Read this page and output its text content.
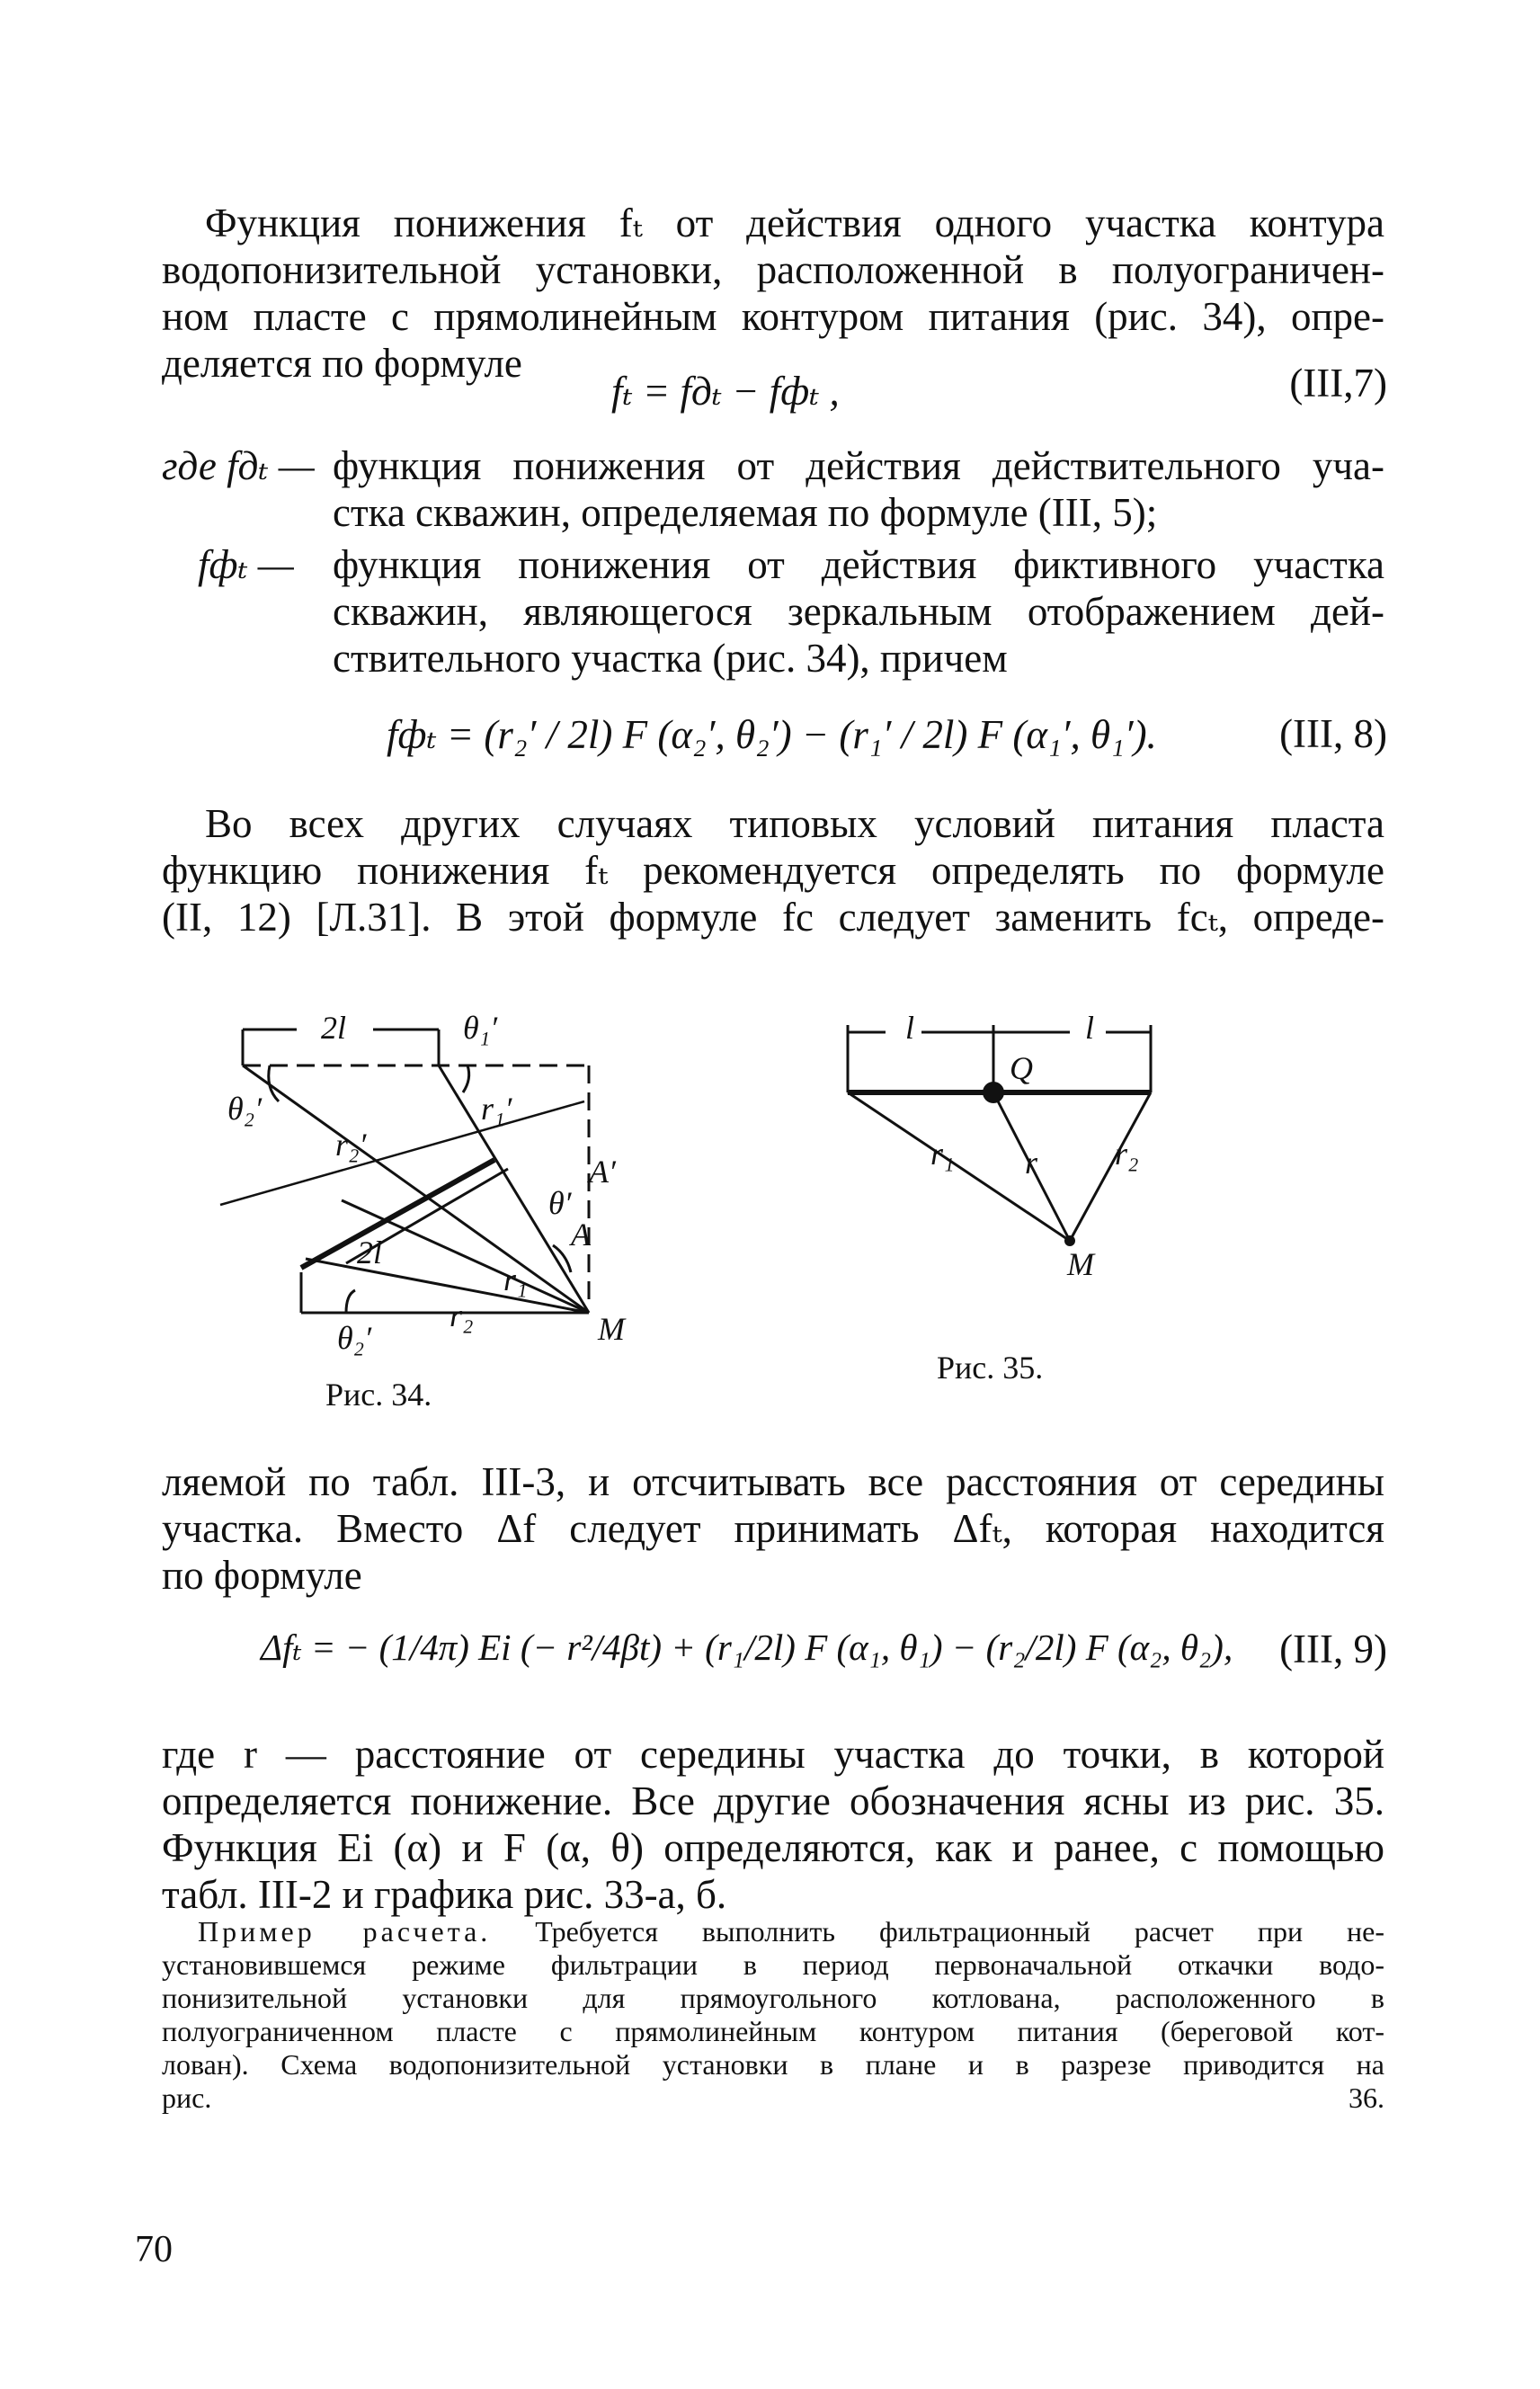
Функция понижения fₜ от действия одного участка контура
водопонизительной установки, расположенной в полуограничен-
ном пласте с прямолинейным контуром питания (рис. 34), опре-
деляется по формуле
fₜ = fдₜ − fфₜ ,	(III,7)
где fдₜ — функция понижения от действия действительного уча-
стка скважин, определяемая по формуле (III, 5);
fфₜ — функция понижения от действия фиктивного участка
скважин, являющегося зеркальным отображением дей-
ствительного участка (рис. 34), причем
fфₜ = (r₂′ / 2l) F (α₂′, θ₂′) − (r₁′ / 2l) F (α₁′, θ₁′).	(III, 8)
Во всех других случаях типовых условий питания пласта
функцию понижения fₜ рекомендуется определять по формуле
(II, 12) [Л.31]. В этой формуле fс следует заменить fсₜ, опреде-
2l	θ₁′
θ₂′
r₂′
r₁′
A′
θ′
A
2l
r₁
θ₂′
r₂	M
Рис. 34.
l	l
Q
r₁ r r₂
M
Рис. 35.
ляемой по табл. III-3, и отсчитывать все расстояния от середины
участка. Вместо Δf следует принимать Δfₜ, которая находится
по формуле
Δfₜ = − (1/4π) Ei (− r²/4βt) + (r₁/2l) F (α₁, θ₁) − (r₂/2l) F (α₂, θ₂), (III, 9)
где r — расстояние от середины участка до точки, в которой
определяется понижение. Все другие обозначения ясны из рис. 35.
Функция Ei (α) и F (α, θ) определяются, как и ранее, с помощью
табл. III-2 и графика рис. 33-а, б.
Пример расчета. Требуется выполнить фильтрационный расчет при не-
установившемся режиме фильтрации в период первоначальной откачки водо-
понизительной установки для прямоугольного котлована, расположенного в
полуограниченном пласте с прямолинейным контуром питания (береговой кот-
лован). Схема водопонизительной установки в плане и в разрезе приводится на
рис. 36.
70
